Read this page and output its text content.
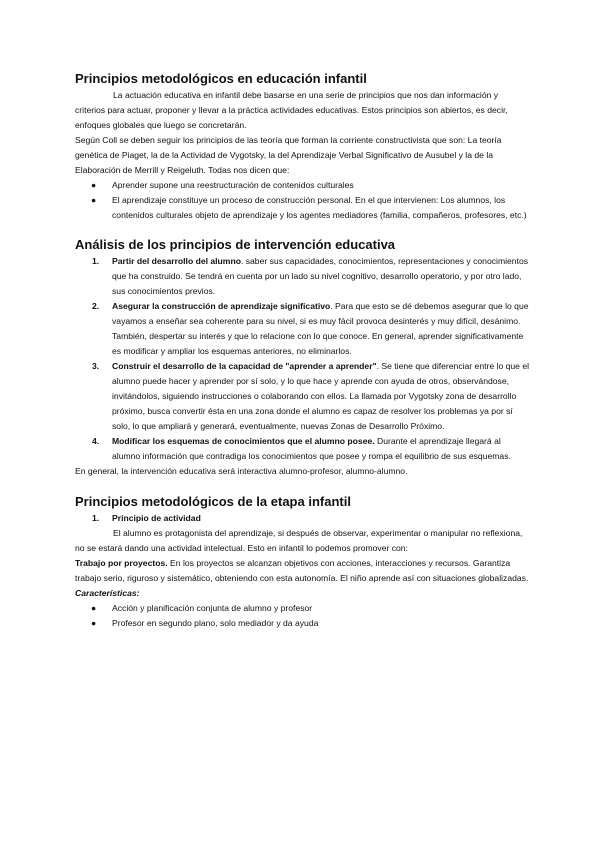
Principios metodológicos en educación infantil

La actuación educativa en infantil debe basarse en una serie de principios que nos dan información y criterios para actuar, proponer y llevar a la práctica actividades educativas. Estos principios son abiertos, es decir, enfoques globales que luego se concretarán.

Según Coll se deben seguir los principios de las teoría que forman la corriente constructivista que son: La teoría genética de Piaget, la de la Actividad de Vygotsky, la del Aprendizaje Verbal Significativo de Ausubel y la de la Elaboración de Merrill y Reigeluth. Todas nos dicen que:

● Aprender supone una reestructuración de contenidos culturales
● El aprendizaje constituye un proceso de construcción personal. En el que intervienen: Los alumnos, los contenidos culturales objeto de aprendizaje y los agentes mediadores (familia, compañeros, profesores, etc.)
Análisis de los principios de intervención educativa
1. Partir del desarrollo del alumno. saber sus capacidades, conocimientos, representaciones y conocimientos que ha construido. Se tendrá en cuenta por un lado su nivel cognitivo, desarrollo operatorio, y por otro lado, sus conocimientos previos.
2. Asegurar la construcción de aprendizaje significativo. Para que esto se dé debemos asegurar que lo que vayamos a enseñar sea coherente para su nivel, si es muy fácil provoca desinterés y muy difícil, desánimo. También, despertar su interés y que lo relacione con lo que conoce. En general, aprender significativamente es modificar y ampliar los esquemas anteriores, no eliminarlos.
3. Construir el desarrollo de la capacidad de "aprender a aprender". Se tiene que diferenciar entre lo que el alumno puede hacer y aprender por sí solo, y lo que hace y aprende con ayuda de otros, observándose, invitándolos, siguiendo instrucciones o colaborando con ellos. La llamada por Vygotsky zona de desarrollo próximo, busca convertir ésta en una zona donde el alumno es capaz de resolver los problemas ya por sí solo, lo que ampliará y generará, eventualmente, nuevas Zonas de Desarrollo Próximo.
4. Modificar los esquemas de conocimientos que el alumno posee. Durante el aprendizaje llegará al alumno información que contradiga los conocimientos que posee y rompa el equilibrio de sus esquemas.

En general, la intervención educativa será interactiva alumno-profesor, alumno-alumno.

Principios metodológicos de la etapa infantil
1. Principio de actividad

El alumno es protagonista del aprendizaje, si después de observar, experimentar o manipular no reflexiona, no se estará dando una actividad intelectual. Esto en infantil lo podemos promover con:

Trabajo por proyectos. En los proyectos se alcanzan objetivos con acciones, interacciones y recursos. Garantiza trabajo serio, riguroso y sistemático, obteniendo con esta autonomía. El niño aprende así con situaciones globalizadas.

Características:

● Acción y planificación conjunta de alumno y profesor
● Profesor en segundo plano, solo mediador y da ayuda
